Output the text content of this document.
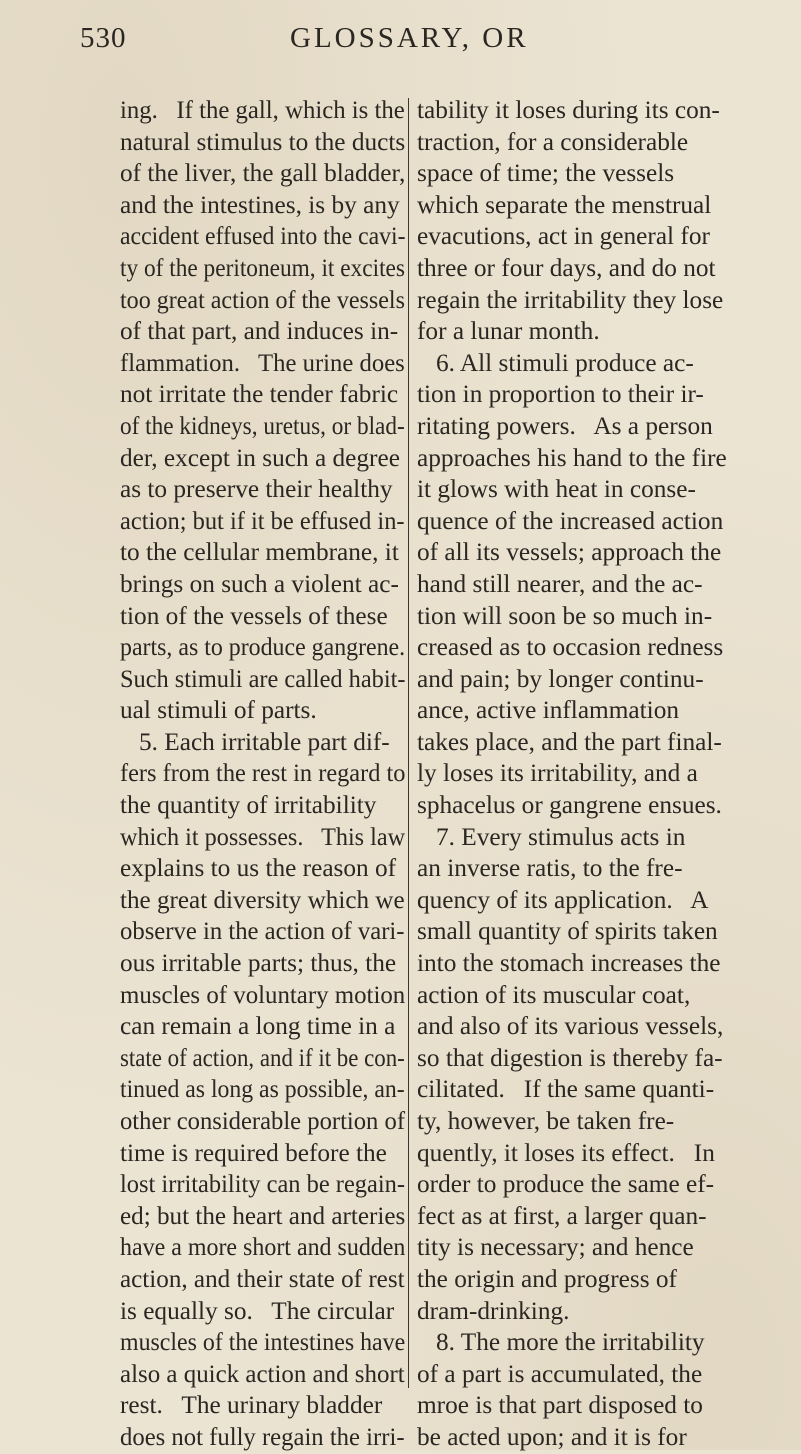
530	GLOSSARY, OR
ing.   If the gall, which is the
natural stimulus to the ducts
of the liver, the gall bladder,
and the intestines, is by any
accident effused into the cavi-
ty of the peritoneum, it excites
too great action of the vessels
of that part, and induces in-
flammation.   The urine does
not irritate the tender fabric
of the kidneys, uretus, or blad-
der, except in such a degree
as to preserve their healthy
action; but if it be effused in-
to the cellular membrane, it
brings on such a violent ac-
tion of the vessels of these
parts, as to produce gangrene.
Such stimuli are called habit-
ual stimuli of parts.
5. Each irritable part dif-
fers from the rest in regard to
the quantity of irritability
which it possesses.   This law
explains to us the reason of
the great diversity which we
observe in the action of vari-
ous irritable parts; thus, the
muscles of voluntary motion
can remain a long time in a
state of action, and if it be con-
tinued as long as possible, an-
other considerable portion of
time is required before the
lost irritability can be regain-
ed; but the heart and arteries
have a more short and sudden
action, and their state of rest
is equally so.   The circular
muscles of the intestines have
also a quick action and short
rest.   The urinary bladder
does not fully regain the irri-
tability it loses during its con-
traction, for a considerable
space of time; the vessels
which separate the menstrual
evacutions, act in general for
three or four days, and do not
regain the irritability they lose
for a lunar month.
6. All stimuli produce ac-
tion in proportion to their ir-
ritating powers.   As a person
approaches his hand to the fire
it glows with heat in conse-
quence of the increased action
of all its vessels; approach the
hand still nearer, and the ac-
tion will soon be so much in-
creased as to occasion redness
and pain; by longer continu-
ance, active inflammation
takes place, and the part final-
ly loses its irritability, and a
sphacelus or gangrene ensues.
7. Every stimulus acts in
an inverse ratis, to the fre-
quency of its application.   A
small quantity of spirits taken
into the stomach increases the
action of its muscular coat,
and also of its various vessels,
so that digestion is thereby fa-
cilitated.   If the same quanti-
ty, however, be taken fre-
quently, it loses its effect.   In
order to produce the same ef-
fect as at first, a larger quan-
tity is necessary; and hence
the origin and progress of
dram-drinking.
8. The more the irritability
of a part is accumulated, the
mroe is that part disposed to
be acted upon; and it is for
